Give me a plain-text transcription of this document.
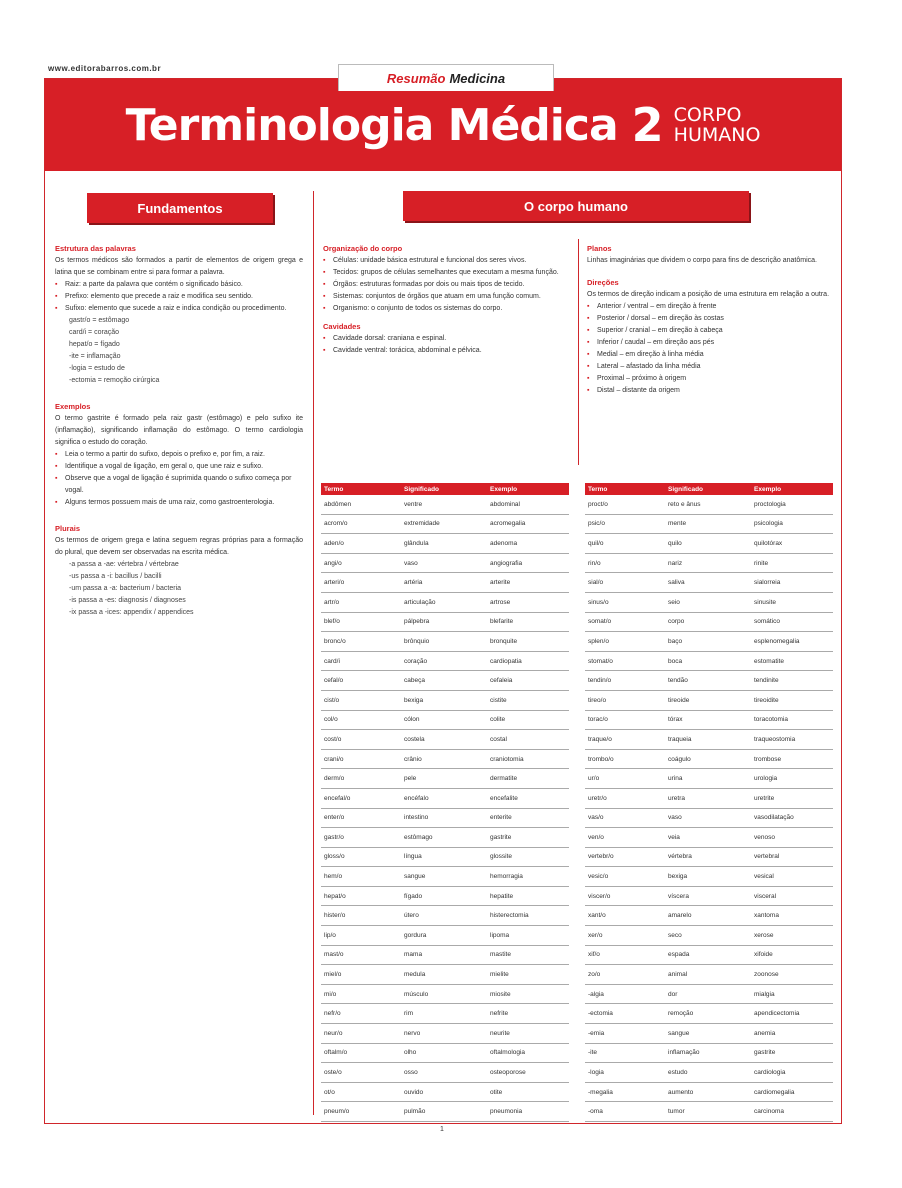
www.editorabarros.com.br
Resumão Medicina
Terminologia Médica 2 CORPO
HUMANO
Fundamentos	O corpo humano
Estrutura das palavras
Os termos médicos são formados a partir de elementos de origem grega e latina que se combinam entre si para formar a palavra.
▪ Raiz: a parte da palavra que contém o significado básico.
▪ Prefixo: elemento que precede a raiz e modifica seu sentido.
▪ Sufixo: elemento que sucede a raiz e indica condição ou procedimento.
gastr/o = estômago
card/i = coração
hepat/o = fígado
-ite = inflamação
-logia = estudo de
-ectomia = remoção cirúrgica
Exemplos
O termo gastrite é formado pela raiz gastr (estômago) e pelo sufixo ite (inflamação), significando inflamação do estômago. O termo cardiologia significa o estudo do coração.
▪ Leia o termo a partir do sufixo, depois o prefixo e, por fim, a raiz.
▪ Identifique a vogal de ligação, em geral o, que une raiz e sufixo.
▪ Observe que a vogal de ligação é suprimida quando o sufixo começa por vogal.
▪ Alguns termos possuem mais de uma raiz, como gastroenterologia.
Plurais
Os termos de origem grega e latina seguem regras próprias para a formação do plural, que devem ser observadas na escrita médica.
-a passa a -ae: vértebra / vértebrae
-us passa a -i: bacillus / bacilli
-um passa a -a: bacterium / bacteria
-is passa a -es: diagnosis / diagnoses
-ix passa a -ices: appendix / appendices
Organização do corpo
▪ Células: unidade básica estrutural e funcional dos seres vivos.
▪ Tecidos: grupos de células semelhantes que executam a mesma função.
▪ Órgãos: estruturas formadas por dois ou mais tipos de tecido.
▪ Sistemas: conjuntos de órgãos que atuam em uma função comum.
▪ Organismo: o conjunto de todos os sistemas do corpo.
Cavidades
▪ Cavidade dorsal: craniana e espinal.
▪ Cavidade ventral: torácica, abdominal e pélvica.
Planos
Linhas imaginárias que dividem o corpo para fins de descrição anatômica.
Direções
Os termos de direção indicam a posição de uma estrutura em relação a outra.
▪ Anterior / ventral – em direção à frente
▪ Posterior / dorsal – em direção às costas
▪ Superior / cranial – em direção à cabeça
▪ Inferior / caudal – em direção aos pés
▪ Medial – em direção à linha média
▪ Lateral – afastado da linha média
▪ Proximal – próximo à origem
▪ Distal – distante da origem
Termo	Significado	Exemplo
abdômen	ventre	abdominal
acrom/o	extremidade	acromegalia
aden/o	glândula	adenoma
angi/o	vaso	angiografia
arteri/o	artéria	arterite
artr/o	articulação	artrose
blef/o	pálpebra	blefarite
bronc/o	brônquio	bronquite
card/i	coração	cardiopatia
cefal/o	cabeça	cefaleia
cist/o	bexiga	cistite
col/o	cólon	colite
cost/o	costela	costal
crani/o	crânio	craniotomia
derm/o	pele	dermatite
encefal/o	encéfalo	encefalite
enter/o	intestino	enterite
gastr/o	estômago	gastrite
gloss/o	língua	glossite
hem/o	sangue	hemorragia
hepat/o	fígado	hepatite
hister/o	útero	histerectomia
lip/o	gordura	lipoma
mast/o	mama	mastite
miel/o	medula	mielite
mi/o	músculo	miosite
nefr/o	rim	nefrite
neur/o	nervo	neurite
oftalm/o	olho	oftalmologia
oste/o	osso	osteoporose
ot/o	ouvido	otite
pneum/o	pulmão	pneumonia
Termo	Significado	Exemplo
proct/o	reto e ânus	proctologia
psic/o	mente	psicologia
quil/o	quilo	quilotórax
rin/o	nariz	rinite
sial/o	saliva	sialorreia
sinus/o	seio	sinusite
somat/o	corpo	somático
splen/o	baço	esplenomegalia
stomat/o	boca	estomatite
tendin/o	tendão	tendinite
tireo/o	tireoide	tireoidite
torac/o	tórax	toracotomia
traque/o	traqueia	traqueostomia
trombo/o	coágulo	trombose
ur/o	urina	urologia
uretr/o	uretra	uretrite
vas/o	vaso	vasodilatação
ven/o	veia	venoso
vertebr/o	vértebra	vertebral
vesic/o	bexiga	vesical
viscer/o	víscera	visceral
xant/o	amarelo	xantoma
xer/o	seco	xerose
xif/o	espada	xifoide
zo/o	animal	zoonose
-algia	dor	mialgia
-ectomia	remoção	apendicectomia
-emia	sangue	anemia
-ite	inflamação	gastrite
-logia	estudo	cardiologia
-megalia	aumento	cardiomegalia
-oma	tumor	carcinoma
1
